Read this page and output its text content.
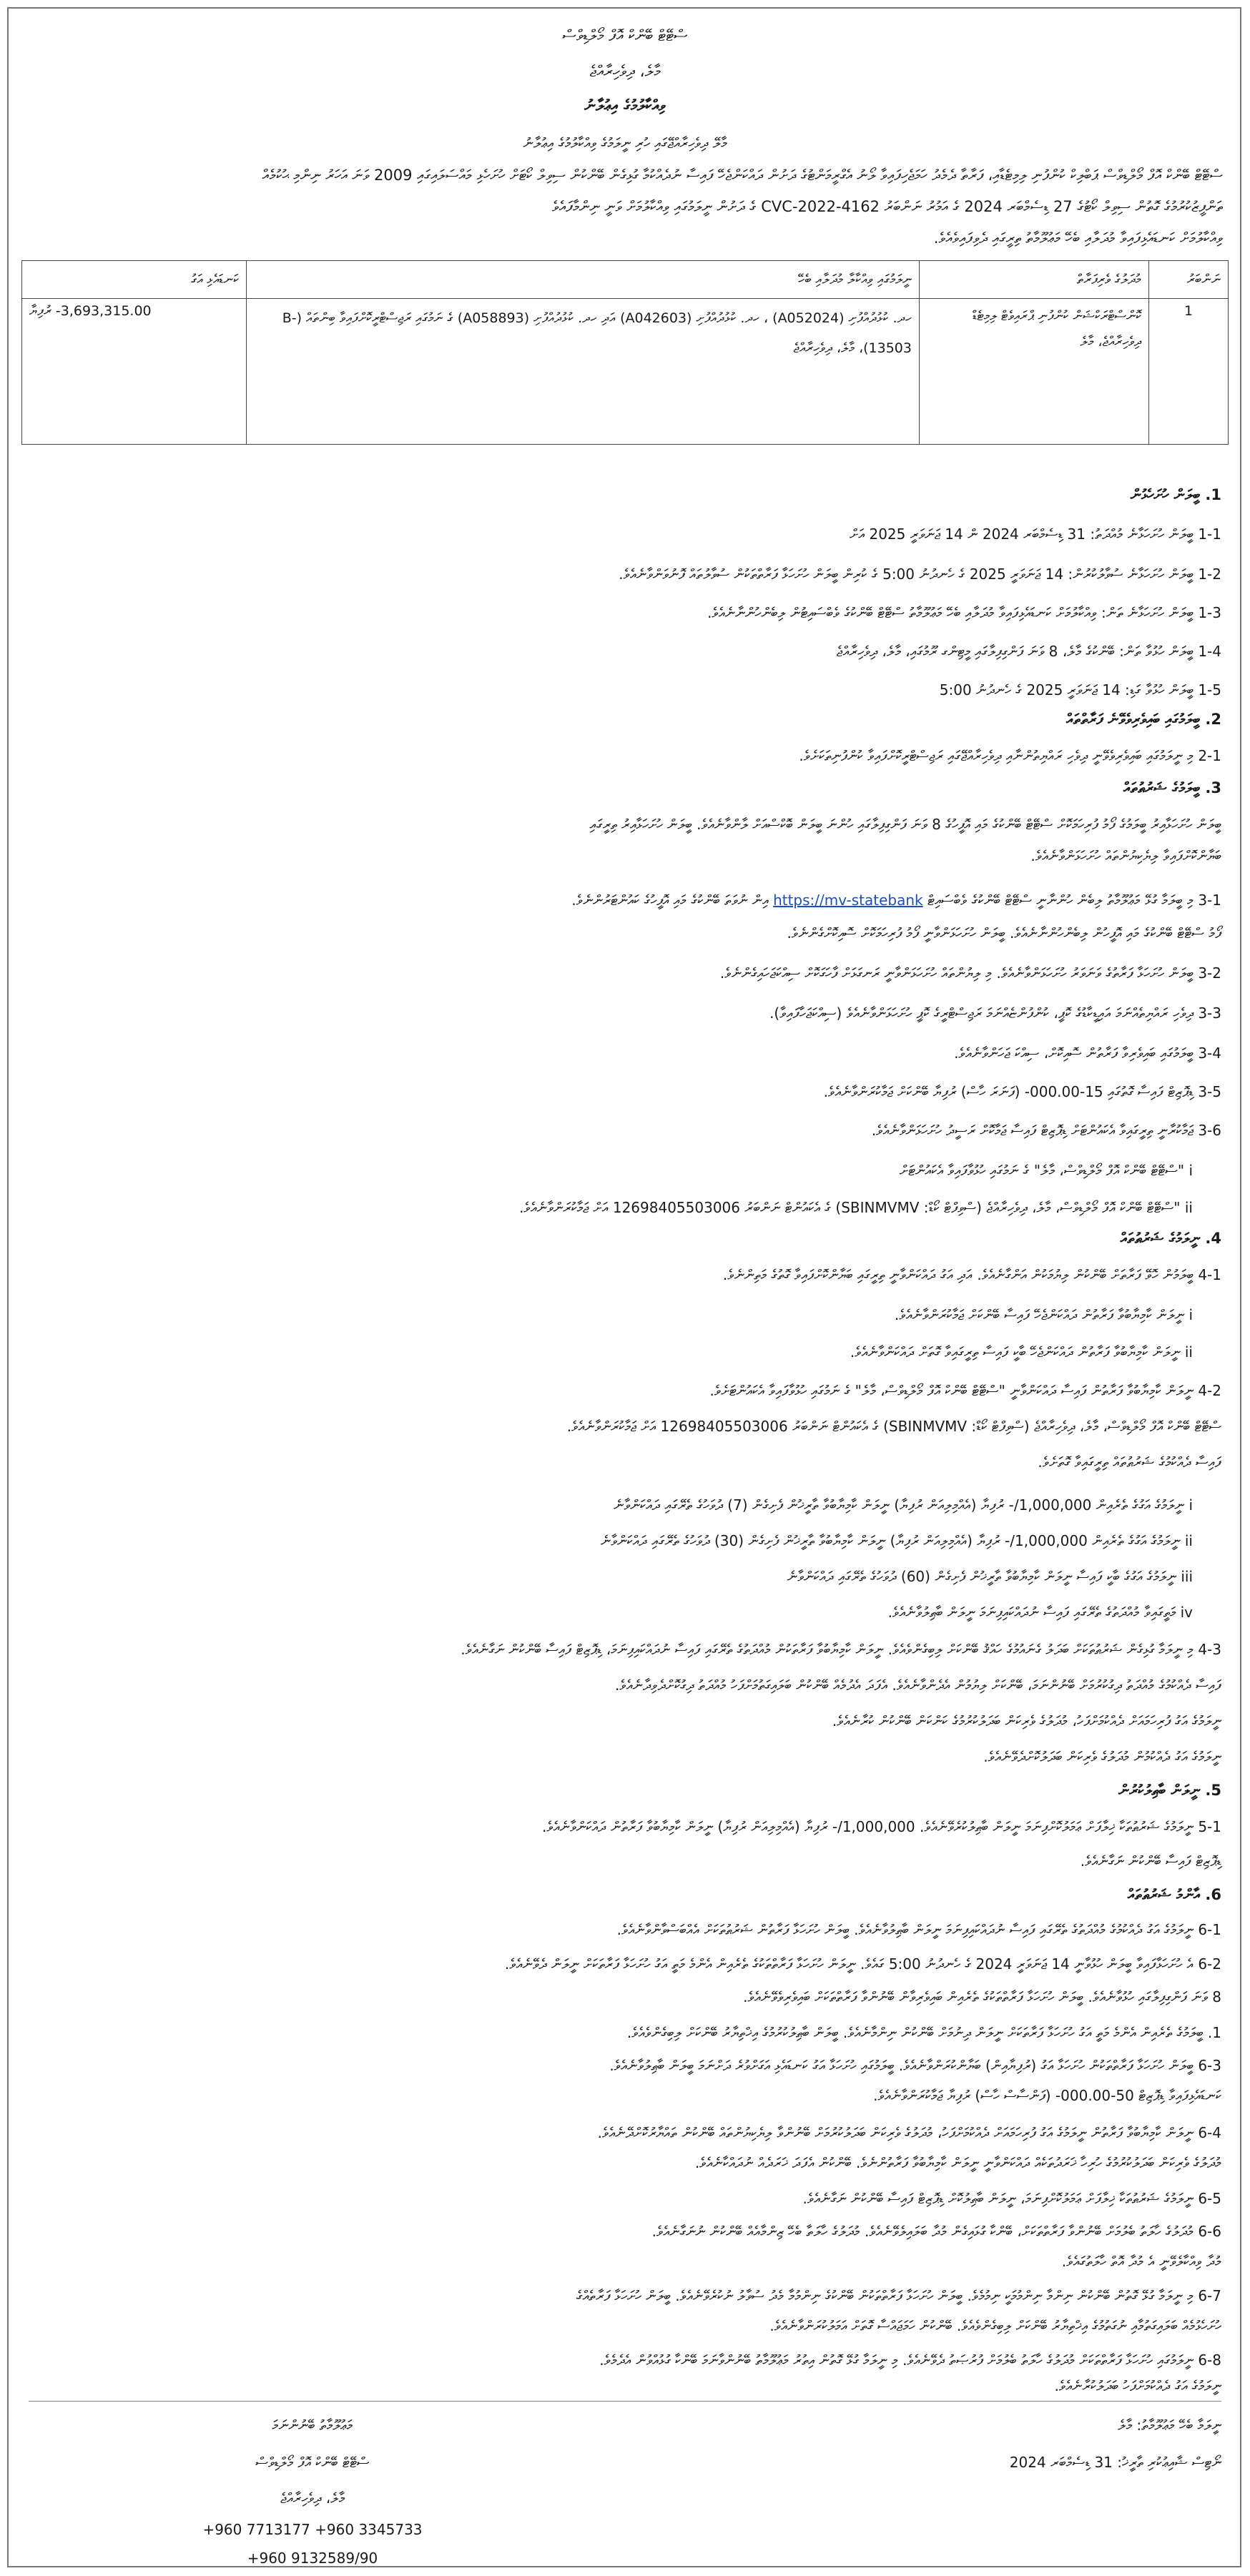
ސްޓޭޓް ބޭންކް އޮފް މޯލްޑިވްސް
މާލެ، ދިވެހިރާއްޖެ
ވިއްކާލުމުގެ އިޢުލާނު
މާލޭ ދިވެހިރާއްޖޭގައި ހުރި ނީލަމުގެ ވިއްކާލުމުގެ އިޢުލާނު
ސްޓޭޓް ބޭންކް އޮފް މޯލްޑިވްސް ޕަބްލިކް ކުންފުނި ލިމިޓެޑާއި، ފަރާތާ ދެމެދު ހަމަޖެހިފައިވާ ލޯނު އެގްރީމަންޓުގެ ދަށުން ދައްކަންޖެހޭ ފައިސާ ނުދެއްކުމާ ގުޅިގެން ބޭންކުން ސިވިލް ކޯޓަށް ހުށަހެޅި މައްސަލައިގައި 2009 ވަނަ އަހަރު ނިންމި ޙުކުމެއް
ތަންފީޒުކުރުމުގެ ގޮތުން ސިވިލް ކޯޓުގެ 27 ޑިސެމްބަރ 2024 ގެ އަމުރު ނަންބަރު 4162-CVC-2022 ގެ ދަށުން ނީލަމުގައި ވިއްކާލުމަށް ވަނީ ނިންމާފައެވެ
ވިއްކާލުމަށް ކަނޑައެޅިފައިވާ މުދަލާއި ބެހޭ މަޢުލޫމާތު ތިރީގައި ދެވިފައިވެއެވެ.
ނަންބަރު	މުދަލުގެ ވެރިފަރާތް	ނީލަމުގައި ވިއްކާލާ މުދަލާއި ބެހޭ	ކަނޑައެޅި އަގު
1	ކޮންސްޓްރަކްޝަން ކުންފުނި ޕްރައިވެޓް ލިމިޓެޑް ދިވެހިރާއްޖެ، މާލެ	ހދ. ކުޅުދުއްފުށި (A052024) ، ހދ. ކުޅުދުއްފުށި (A042603) އަދި ހދ. ކުޅުދުއްފުށި (A058893) ގެ ނަމުގައި ރަޖިސްޓްރީކޮށްފައިވާ ބިންތައް (B-13503)، މާލެ، ދިވެހިރާއްޖެ	3,693,315.00- ރުފިޔާ
1. ބީލަން ހުށަހެޅުން
1-1 ބީލަން ހުށަހަޅާނެ މުއްދަތު: 31 ޑިސެމްބަރ 2024 ން 14 ޖަނަވަރީ 2025 އަށް
1-2 ބީލަން ހުށަހަޅާނެ ސުވާލުކުރުން: 14 ޖަނަވަރީ 2025 ގެ ހެނދުނު 5:00 ގެ ކުރިން ބީލަން ހުށަހަޅާ ފަރާތްތަކުން ސުވާލުތައް ފޮނުވަންވާނެއެވެ.
1-3 ބީލަން ހުށަހަޅާނެ ތަން: ވިއްކާލުމަށް ކަނޑައެޅިފައިވާ މުދަލާއި ބެހޭ މަޢުލޫމާތު ސްޓޭޓް ބޭންކުގެ ވެބްސައިޓުން ލިބެންހުންނާނެއެވެ.
1-4 ބީލަން ހުޅުވާ ތަން: ބޭންކުގެ މާލެ، 8 ވަނަ ފަންގިފިލާގައި މީޓިންގ ރޫމުގައި، މާލެ، ދިވެހިރާއްޖެ
1-5 ބީލަން ހުޅުވާ ގަޑި: 14 ޖަނަވަރީ 2025 ގެ ހެނދުނު 5:00
2. ބީލަމުގައި ބައިވެރިވެވޭނެ ފަރާތްތައް
2-1 މި ނީލަމުގައި ބައިވެރިވެވޭނީ ދިވެހި ރައްޔިތުންނާއި ދިވެހިރާއްޖޭގައި ރަޖިސްޓްރީކޮށްފައިވާ ކުންފުނިތަކަށެވެ.
3. ބީލަމުގެ ޝަރުޠުތައް
ބީލަން ހުށަހަޅާއިރު ބީލަމުގެ ފޯމު ފުރިހަމަކޮށް ސްޓޭޓް ބޭންކުގެ މައި އޮފީހުގެ 8 ވަނަ ފަންގިފިލާގައި ހުންނަ ބީލަން ބޮކްސްއަށް ލާންވާނެއެވެ. ބީލަން ހުށަހަޅާއިރު ތިރީގައި
ބަޔާންކޮށްފައިވާ ލިޔެކިޔުންތައް ހުށަހަޅަންވާނެއެވެ.
3-1 މި ބީލަމާ ގުޅޭ މަޢުލޫމާތު ލިބެން ހުންނާނީ ސްޓޭޓް ބޭންކުގެ ވެބްސައިޓް https://mv-statebank އިން ނުވަތަ ބޭންކުގެ މައި އޮފީހުގެ ކައުންޓަރުންނެވެ.
ފޯމު ސްޓޭޓް ބޭންކުގެ މައި އޮފީހުން ލިބެންހުންނާނެއެވެ. ބީލަން ހުށަހަޅަންވާނީ ފޯމު ފުރިހަމަކޮށް ސޮއިކޮށްގެންނެވެ.
3-2 ބީލަން ހުށަހަޅާ ފަރާތުގެ ވަނަވަރު ހުށަހަޅަންވާނެއެވެ. މި ލިޔުންތައް ހުށަހަޅަންވާނީ ރަނގަޅަށް ފާހަގަކޮށް ސިއްކަޖަހައިގެންނެވެ.
3-3 ދިވެހި ރައްޔިތެއްނަމަ އައިޑީކާޑުގެ ކޮޕީ، ކުންފުންޏެއްނަމަ ރަޖިސްޓްރީގެ ކޮޕީ ހުށަހަޅަންވާނެއެވެ (ސިއްކަޖަހާފައިވާ).
3-4 ބީލަމުގައި ބައިވެރިވާ ފަރާތުން ސޮއިކޮށް، ސިއްކަ ޖަހަންވާނެއެވެ.
3-5 ޑިޕޮޒިޓް ފައިސާ ގޮތުގައި 15-000.00- (ފަނަރަ ހާސް) ރުފިޔާ ބޭންކަށް ޖަމާކުރަންވާނެއެވެ.
3-6 ޖަމާކުރާނީ ތިރީގައިވާ އެކައުންޓަށް ޑިޕޮޒިޓް ފައިސާ ޖަމާކޮށް ރަސީދު ހުށަހަޅަންވާނެއެވެ.
i "ސްޓޭޓް ބޭންކް އޮފް މޯލްޑިވްސް، މާލެ" ގެ ނަމުގައި ހުޅުވާފައިވާ އެކައުންޓަށް
ii "ސްޓޭޓް ބޭންކް އޮފް މޯލްޑިވްސް، މާލެ، ދިވެހިރާއްޖެ (ސްވިފްޓް ކޯޑް: SBINMVMV) ގެ އެކައުންޓް ނަންބަރު 12698405503006 އަށް ޖަމާކުރަންވާނެއެވެ.
4. ނީލަމުގެ ޝަރުޠުތައް
4-1 ބީލަމުން ހޮވޭ ފަރާތަށް ބޭންކުން ލިޔުމަކުން އަންގާނެއެވެ. އަދި އަގު ދައްކަންވާނީ ތިރީގައި ބަޔާންކޮށްފައިވާ ގޮތުގެ މަތިންނެވެ.
i ނީލަން ކާމިޔާބުވާ ފަރާތުން ދައްކަންޖެހޭ ފައިސާ ބޭންކަށް ޖަމާކުރަންވާނެއެވެ.
ii ނީލަން ކާމިޔާބުވާ ފަރާތުން ދައްކަންޖެހޭ ބާކީ ފައިސާ ތިރީގައިވާ ގޮތަށް ދައްކަންވާނެއެވެ.
4-2 ނީލަން ކާމިޔާބުވާ ފަރާތުން ފައިސާ ދައްކަންވާނީ "ސްޓޭޓް ބޭންކް އޮފް މޯލްޑިވްސް، މާލެ" ގެ ނަމުގައި ހުޅުވާފައިވާ އެކައުންޓަށެވެ.
ސްޓޭޓް ބޭންކް އޮފް މޯލްޑިވްސް، މާލެ، ދިވެހިރާއްޖެ (ސްވިފްޓް ކޯޑް: SBINMVMV) ގެ އެކައުންޓް ނަންބަރު 12698405503006 އަށް ޖަމާކުރަންވާނެއެވެ.
ފައިސާ ދެއްކުމުގެ ޝަރުޠުތައް ތިރީގައިވާ ގޮތަށެވެ.
i ނީލަމުގެ އަގުގެ ތެރެއިން 1,000,000/- ރުފިޔާ (އެއްމިލިއަން ރުފިޔާ) ނީލަން ކާމިޔާބުވާ ތާރީޚުން ފެށިގެން (7) ދުވަހުގެ ތެރޭގައި ދައްކަންވާނެ
ii ނީލަމުގެ އަގުގެ ތެރެއިން 1,000,000/- ރުފިޔާ (އެއްމިލިއަން ރުފިޔާ) ނީލަން ކާމިޔާބުވާ ތާރީޚުން ފެށިގެން (30) ދުވަހުގެ ތެރޭގައި ދައްކަންވާނެ
iii ނީލަމުގެ އަގުގެ ބާކީ ފައިސާ ނީލަން ކާމިޔާބުވާ ތާރީޚުން ފެށިގެން (60) ދުވަހުގެ ތެރޭގައި ދައްކަންވާނެ
iv މަތީގައިވާ މުއްދަތުގެ ތެރޭގައި ފައިސާ ނުދައްކައިފިނަމަ ނީލަން ބާޠިލުވާނެއެވެ.
4-3 މި ނީލަމާ ގުޅިގެން ޝަރުޠުތަކަށް ބަދަލު ގެނައުމުގެ ހައްޤު ބޭންކަށް ލިބިގެންވެއެވެ. ނީލަން ކާމިޔާބުވާ ފަރާތަކުން މުއްދަތުގެ ތެރޭގައި ފައިސާ ނުދައްކައިފިނަމަ، ޑިޕޮޒިޓް ފައިސާ ބޭންކުން ނަގާނެއެވެ.
ފައިސާ ދެއްކުމުގެ މުއްދަތު ދިގުކުރުމަށް ބޭނުންނަމަ، ބޭންކަށް ލިޔުމުން އެދެންވާނެއެވެ. އެފަދަ އެދުމެއް ބޭންކުން ބަލައިގަތުމަށްފަހު މުއްދަތު ދިގުކޮށްދެވިދާނެއެވެ.
ނީލަމުގެ އަގު ފުރިހަމައަށް ދެއްކުމަށްފަހު، މުދަލުގެ ވެރިކަން ބަދަލުކުރުމުގެ ކަންކަން ބޭންކުން ކުރާނެއެވެ.
ނީލަމުގެ އަގު ދެއްކުމުން މުދަލުގެ ވެރިކަން ބަދަލުކޮށްދެވޭނެއެވެ.
5. ނީލަން ބާޠިލުކުރުން
5-1 ނީލަމުގެ ޝަރުޠުތަކާ ޚިލާފަށް ޢަމަލުކޮށްފިނަމަ ނީލަން ބާޠިލުކުރެވޭނެއެވެ. 1,000,000/- ރުފިޔާ (އެއްމިލިއަން ރުފިޔާ) ނީލަން ކާމިޔާބުވާ ފަރާތުން ދައްކަންވާނެއެވެ.
ޑިޕޮޒިޓް ފައިސާ ބޭންކުން ނަގާނެއެވެ.
6. އާންމު ޝަރުޠުތައް
6-1 ނީލަމުގެ އަގު ދެއްކުމުގެ މުއްދަތުގެ ތެރޭގައި ފައިސާ ނުދައްކައިފިނަމަ ނީލަން ބާޠިލުވާނެއެވެ. ބީލަން ހުށަހަޅާ ފަރާތުން ޝަރުޠުތަކަށް އެއްބަސްވާންވާނެއެވެ.
6-2 އެ ހުށަހަޅާފައިވާ ބީލަން ހުޅުވާނީ 14 ޖަނަވަރީ 2024 ގެ ހެނދުނު 5:00 ގައެވެ. ނީލަން ހުށަހަޅާ ފަރާތްތަކުގެ ތެރެއިން އެންމެ މަތީ އަގު ހުށަހަޅާ ފަރާތަކަށް ނީލަން ދެވޭނެއެވެ.
8 ވަނަ ފަންގިފިލާގައި ހުޅުވާނެއެވެ. ބީލަން ހުށަހަޅާ ފަރާތްތަކުގެ ތެރެއިން ބައިވެރިވާން ބޭނުންވާ ފަރާތްތަކަށް ބައިވެރިވެވޭނެއެވެ.
1. ބީލަމުގެ ތެރެއިން އެންމެ މަތީ އަގު ހުށަހަޅާ ފަރާތަކަށް ނީލަން ދިނުމަށް ބޭންކުން ނިންމާނެއެވެ. ބީލަން ބާޠިލުކުރުމުގެ އިޚްތިޔާރު ބޭންކަށް ލިބިގެންވެއެވެ.
6-3 ބީލަން ހުށަހަޅާ ފަރާތްތަކުން ހުށަހަޅާ އަގު (ރުފިޔާއިން) ބަޔާންކުރަންވާނެއެވެ. ބީލަމުގައި ހުށަހަޅާ އަގު ކަނޑައެޅި އަގަށްވުރެ ދަށްނަމަ ބީލަން ބާޠިލުވާނެއެވެ.
ކަނޑައެޅިފައިވާ ޑިޕޮޒިޓް 50-000.00- (ފަންސާސް ހާސް) ރުފިޔާ ޖަމާކުރަންވާނެއެވެ.
6-4 ނީލަން ކާމިޔާބުވާ ފަރާތުން ނީލަމުގެ އަގު ފުރިހަމައަށް ދެއްކުމަށްފަހު، މުދަލުގެ ވެރިކަން ބަދަލުކުރުމަށް ބޭނުންވާ ލިޔެކިޔުންތައް ބޭންކުން ތައްޔާރުކޮށްދޭނެއެވެ.
މުދަލުގެ ވެރިކަން ބަދަލުކުރުމުގެ ހުރިހާ ޚަރަދުތަކެއް ދައްކަންވާނީ ނީލަން ކާމިޔާބުވާ ފަރާތުންނެވެ. ބޭންކުން އެފަދަ ޚަރަދެއް ނުދައްކާނެއެވެ.
6-5 ނީލަމުގެ ޝަރުޠުތަކާ ޚިލާފަށް ޢަމަލުކޮށްފިނަމަ، ނީލަން ބާޠިލުކޮށް ޑިޕޮޒިޓް ފައިސާ ބޭންކުން ނަގާނެއެވެ.
6-6 މުދަލުގެ ހާލަތު ބެލުމަށް ބޭނުންވާ ފަރާތްތަކަށް، ބޭންކާ ގުޅައިގެން މުދާ ބަލައިލެވޭނެއެވެ. މުދަލުގެ ހާލަތާ ބެހޭ ޒިންމާއެއް ބޭންކުން ނުނަގާނެއެވެ.
މުދާ ވިއްކާލެވޭނީ އެ މުދާ އޮތް ހާލަތުގައެވެ.
6-7 މި ނީލަމާ ގުޅޭ ގޮތުން ބޭންކުން ނިންމާ ނިންމުމަކީ ނިމުމެވެ. ބީލަން ހުށަހަޅާ ފަރާތްތަކުން ބޭންކުގެ ނިންމުމާ މެދު ސުވާލު ނުކުރެވޭނެއެވެ. ބީލަން ހުށަހަޅާ ފަރާތެއްގެ
ހުށަހެޅުމެއް ބަލައިގަތުމާއި ނުގަތުމުގެ އިޚްތިޔާރު ބޭންކަށް ލިބިގެންވެއެވެ. ބޭންކުން ހަމަޖައްސާ ގޮތަށް އަމަލުކުރަންވާނެއެވެ.
6-8 ނީލަމުގައި ހުށަހަޅާ ފަރާތްތަކަށް މުދަލުގެ ހާލަތު ބެލުމަށް ފުރުޞަތު ދެވޭނެއެވެ. މި ނީލަމާ ގުޅޭ ގޮތުން އިތުރު މަޢުލޫމާތު ބޭނުންވާނަމަ ބޭންކާ ގުޅުއްވުން އެދެމެވެ.
ނީލަމުގެ އަގު ދެއްކުމަށްފަހު ބަދަލުކުރާނެއެވެ.
ނީލަމާ ބެހޭ މަޢުލޫމާތު: މާލެ
ނޯޓިސް ޝާއިޢުކުރި ތާރީޚު: 31 ޑިސެމްބަރ 2024
މަޢުލޫމާތު ބޭނުންނަމަ
ސްޓޭޓް ބޭންކް އޮފް މޯލްޑިވްސް
މާލެ، ދިވެހިރާއްޖެ
+960 7713177 +960 3345733
+960 9132589/90
